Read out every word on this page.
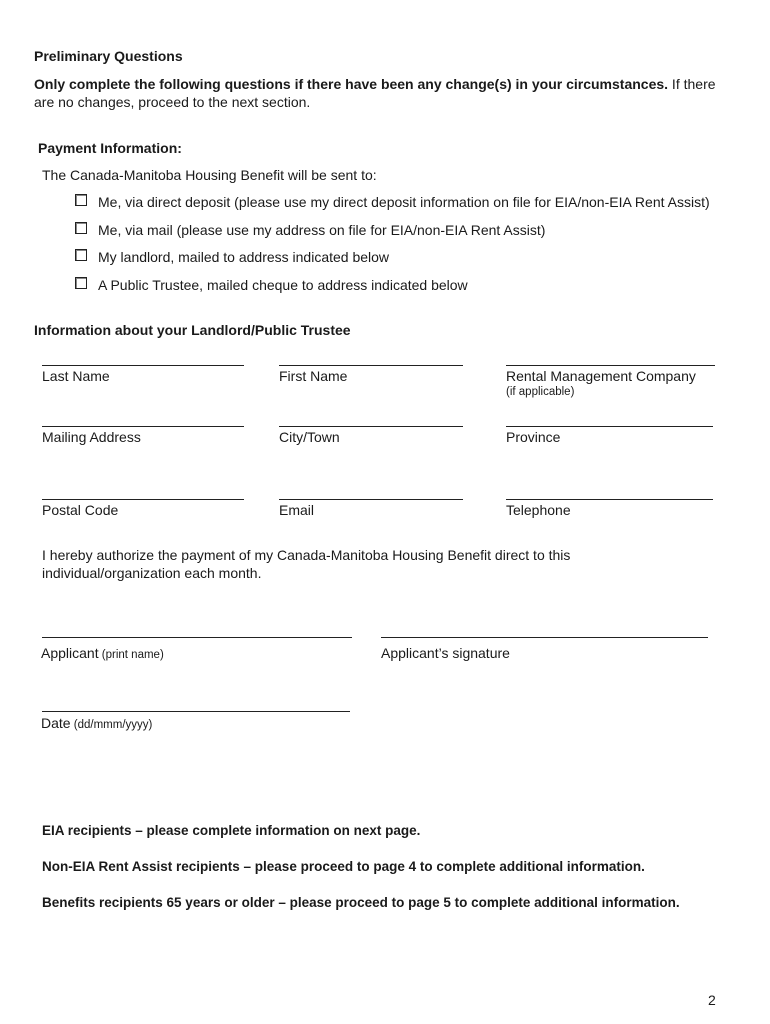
Preliminary Questions
Only complete the following questions if there have been any change(s) in your circumstances. If there
are no changes, proceed to the next section.
Payment Information:
The Canada-Manitoba Housing Benefit will be sent to:
Me, via direct deposit (please use my direct deposit information on file for EIA/non-EIA Rent Assist)
Me, via mail (please use my address on file for EIA/non-EIA Rent Assist)
My landlord, mailed to address indicated below
A Public Trustee, mailed cheque to address indicated below
Information about your Landlord/Public Trustee
Last Name	First Name	Rental Management Company
(if applicable)
Mailing Address	City/Town	Province
Postal Code	Email	Telephone
I hereby authorize the payment of my Canada-Manitoba Housing Benefit direct to this
individual/organization each month.
Applicant (print name)	Applicant’s signature
Date (dd/mmm/yyyy)
EIA recipients – please complete information on next page.
Non-EIA Rent Assist recipients – please proceed to page 4 to complete additional information.
Benefits recipients 65 years or older – please proceed to page 5 to complete additional information.
2
